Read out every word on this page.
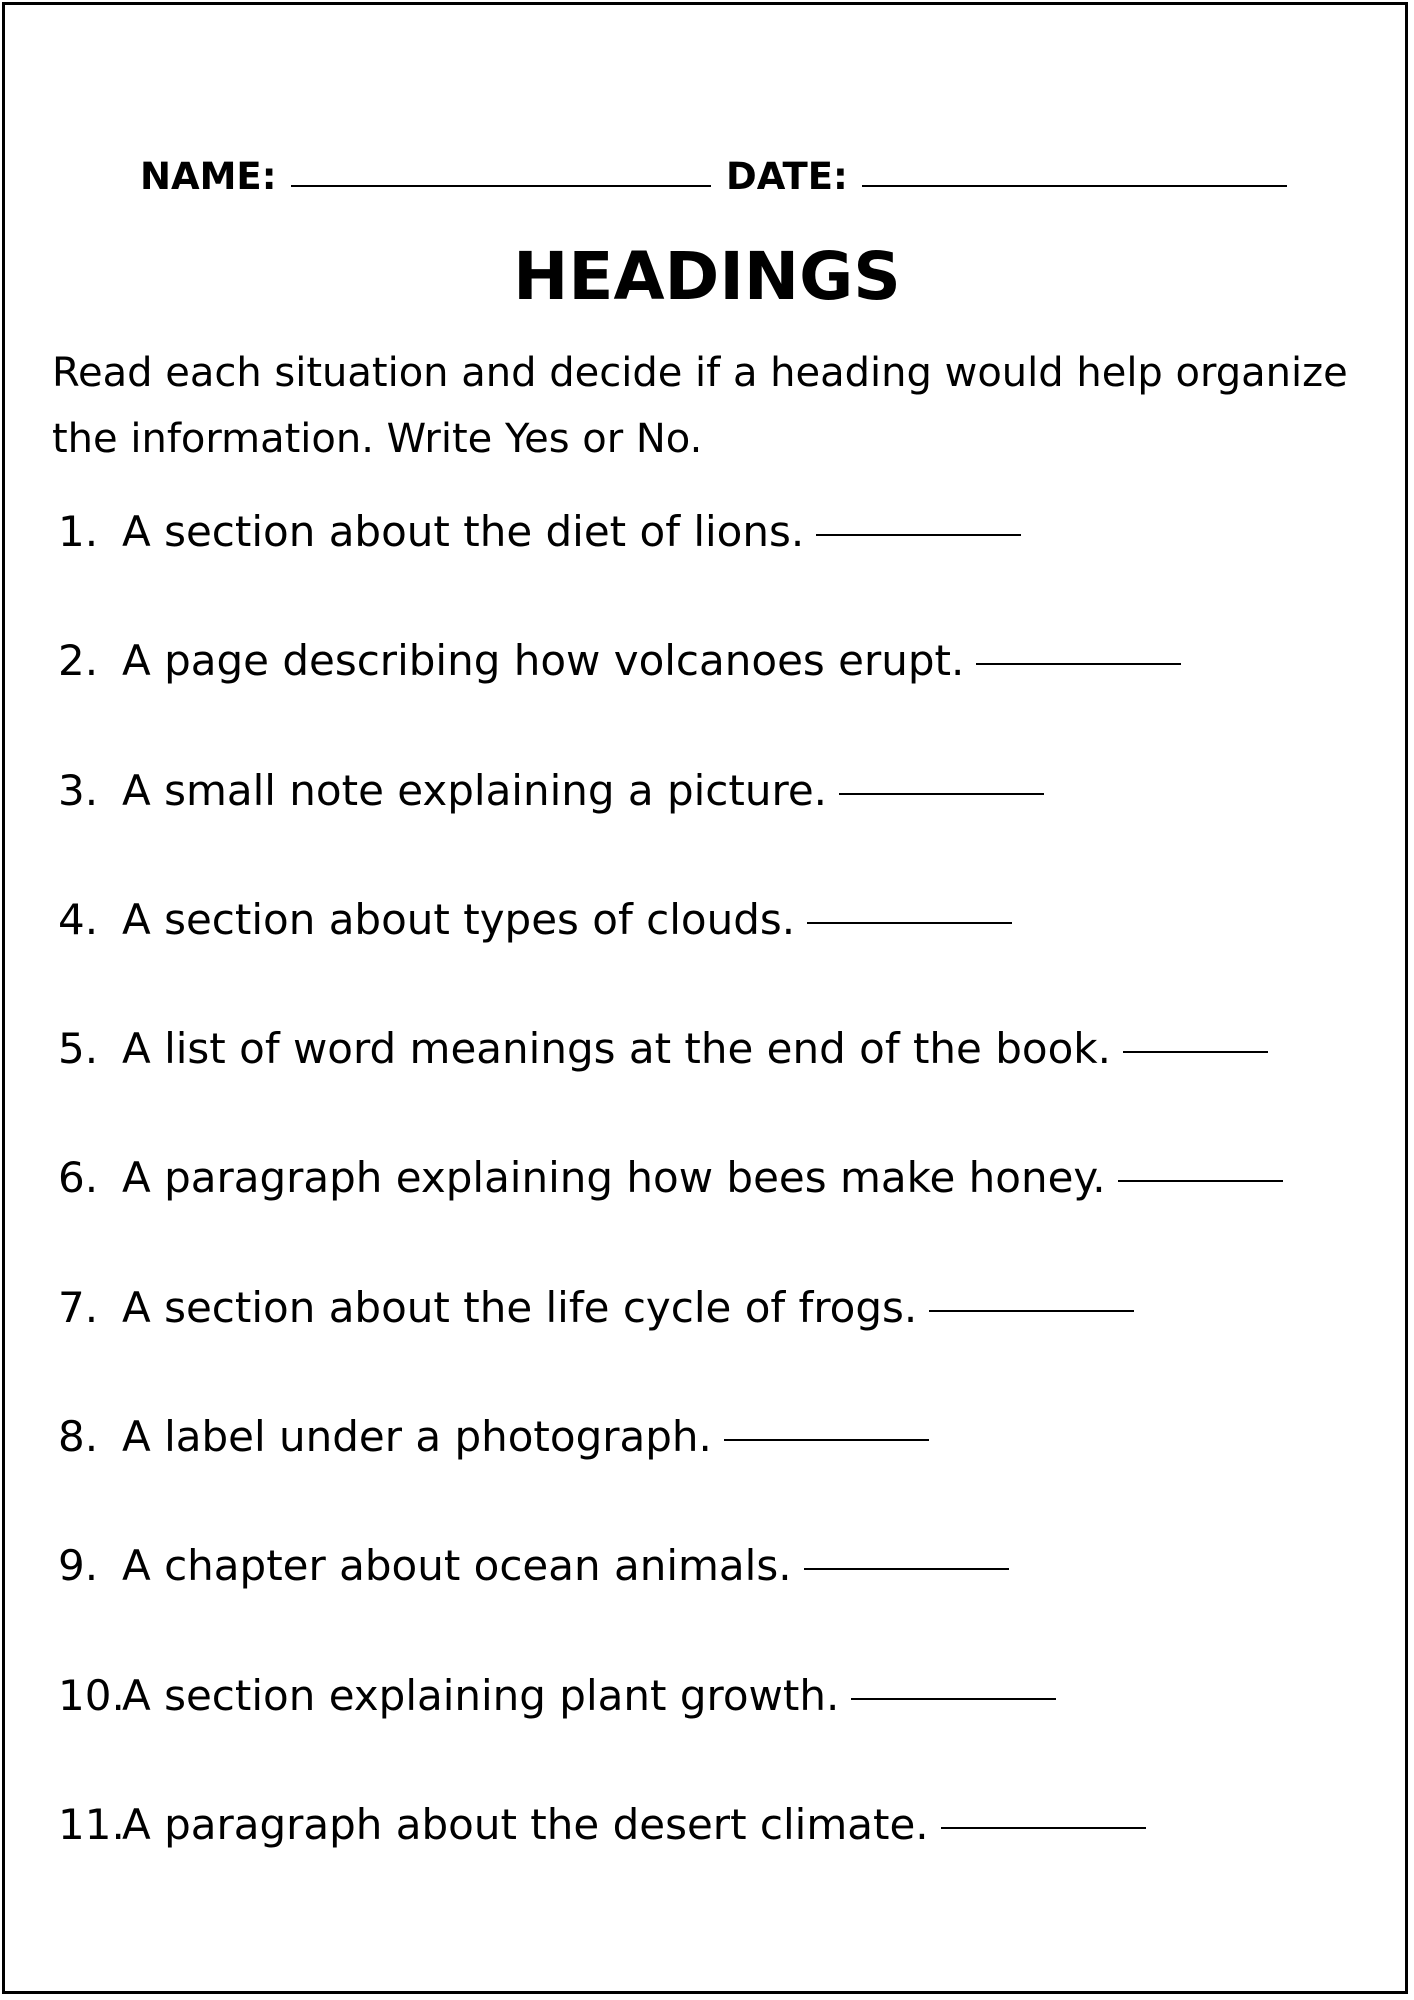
NAME:	DATE:
HEADINGS

Read each situation and decide if a heading would help organize the information. Write Yes or No.

1. A section about the diet of lions.
2. A page describing how volcanoes erupt.
3. A small note explaining a picture.
4. A section about types of clouds.
5. A list of word meanings at the end of the book.
6. A paragraph explaining how bees make honey.
7. A section about the life cycle of frogs.
8. A label under a photograph.
9. A chapter about ocean animals.
10.
A section explaining plant growth.
11.
A paragraph about the desert climate.
